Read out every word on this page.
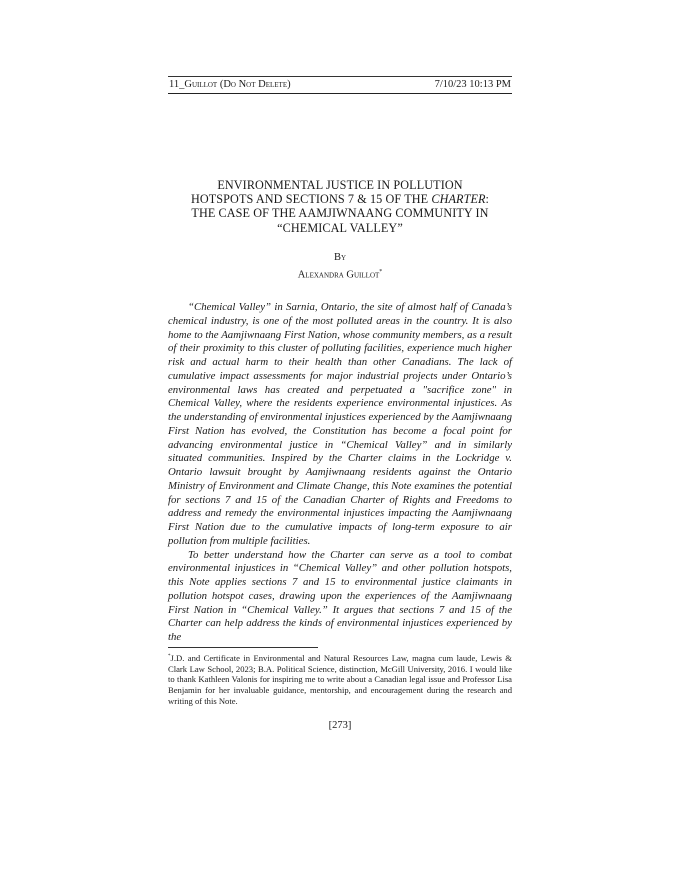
11_Guillot (Do Not Delete)	7/10/23 10:13 PM
ENVIRONMENTAL JUSTICE IN POLLUTION
HOTSPOTS AND SECTIONS 7 & 15 OF THE CHARTER:
THE CASE OF THE AAMJIWNAANG COMMUNITY IN
“CHEMICAL VALLEY”
By
Alexandra Guillot*

“Chemical Valley” in Sarnia, Ontario, the site of almost half of Canada’s chemical industry, is one of the most polluted areas in the country. It is also home to the Aamjiwnaang First Nation, whose community members, as a result of their proximity to this cluster of polluting facilities, experience much higher risk and actual harm to their health than other Canadians. The lack of cumulative impact assessments for major industrial projects under Ontario’s environmental laws has created and perpetuated a "sacrifice zone" in Chemical Valley, where the residents experience environmental injustices. As the understanding of environmental injustices experienced by the Aamjiwnaang First Nation has evolved, the Constitution has become a focal point for advancing environmental justice in “Chemical Valley” and in similarly situated communities. Inspired by the Charter claims in the Lockridge v. Ontario lawsuit brought by Aamjiwnaang residents against the Ontario Ministry of Environment and Climate Change, this Note examines the potential for sections 7 and 15 of the Canadian Charter of Rights and Freedoms to address and remedy the environmental injustices impacting the Aamjiwnaang First Nation due to the cumulative impacts of long-term exposure to air pollution from multiple facilities.

To better understand how the Charter can serve as a tool to combat environmental injustices in “Chemical Valley” and other pollution hotspots, this Note applies sections 7 and 15 to environmental justice claimants in pollution hotspot cases, drawing upon the experiences of the Aamjiwnaang First Nation in “Chemical Valley.” It argues that sections 7 and 15 of the Charter can help address the kinds of environmental injustices experienced by the

*J.D. and Certificate in Environmental and Natural Resources Law, magna cum laude, Lewis & Clark Law School, 2023; B.A. Political Science, distinction, McGill University, 2016. I would like to thank Kathleen Valonis for inspiring me to write about a Canadian legal issue and Professor Lisa Benjamin for her invaluable guidance, mentorship, and encouragement during the research and writing of this Note.
[273]
